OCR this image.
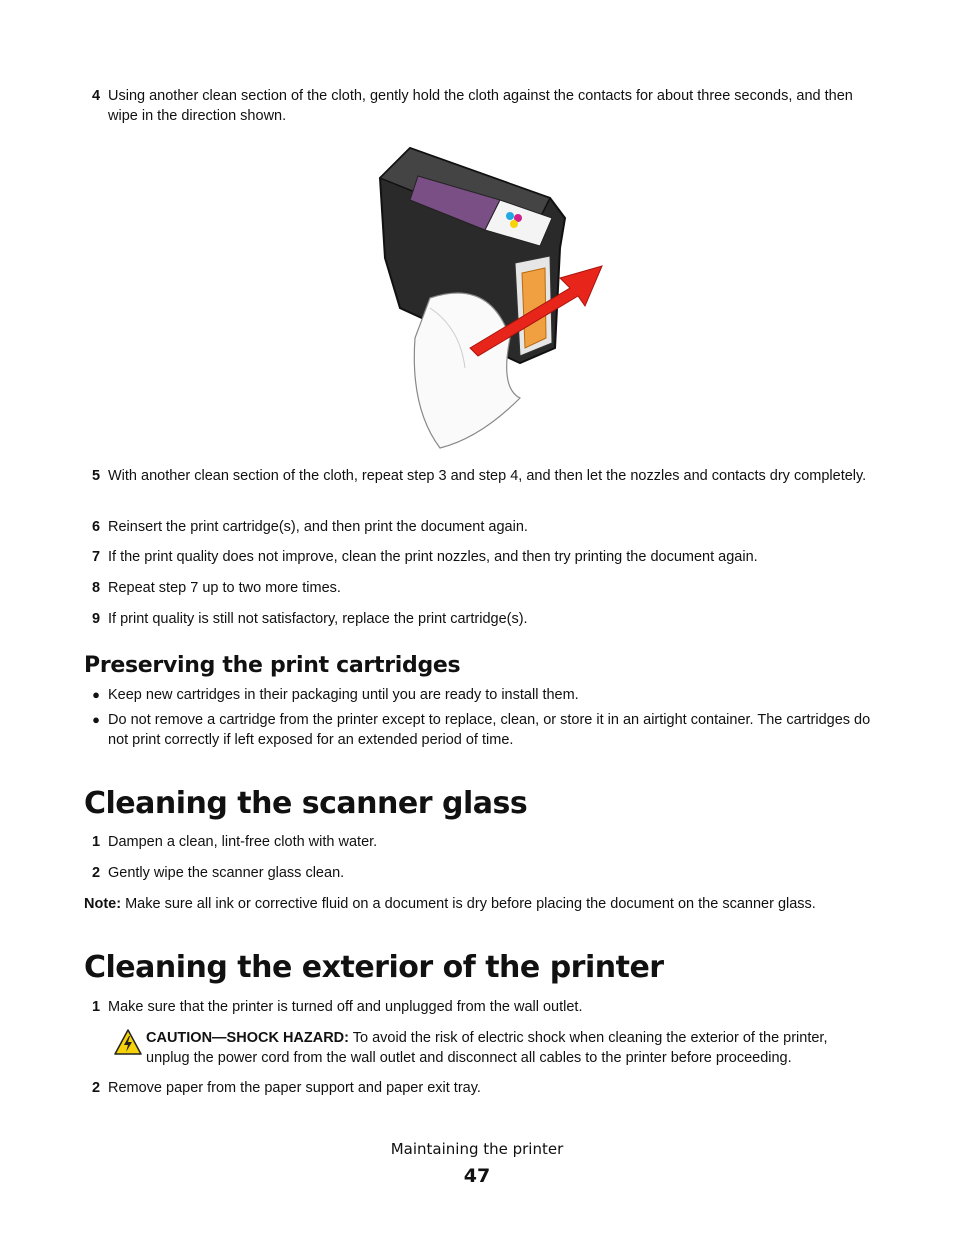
4 Using another clean section of the cloth, gently hold the cloth against the contacts for about three seconds, and then wipe in the direction shown.
5 With another clean section of the cloth, repeat step 3 and step 4, and then let the nozzles and contacts dry completely.
6 Reinsert the print cartridge(s), and then print the document again.
7 If the print quality does not improve, clean the print nozzles, and then try printing the document again.
8 Repeat step 7 up to two more times.
9 If print quality is still not satisfactory, replace the print cartridge(s).
Preserving the print cartridges
● Keep new cartridges in their packaging until you are ready to install them.
● Do not remove a cartridge from the printer except to replace, clean, or store it in an airtight container. The cartridges do not print correctly if left exposed for an extended period of time.
Cleaning the scanner glass
1 Dampen a clean, lint-free cloth with water.
2 Gently wipe the scanner glass clean.
Note: Make sure all ink or corrective fluid on a document is dry before placing the document on the scanner glass.
Cleaning the exterior of the printer
1 Make sure that the printer is turned off and unplugged from the wall outlet.
CAUTION—SHOCK HAZARD: To avoid the risk of electric shock when cleaning the exterior of the printer, unplug the power cord from the wall outlet and disconnect all cables to the printer before proceeding.
2 Remove paper from the paper support and paper exit tray.
Maintaining the printer
47
